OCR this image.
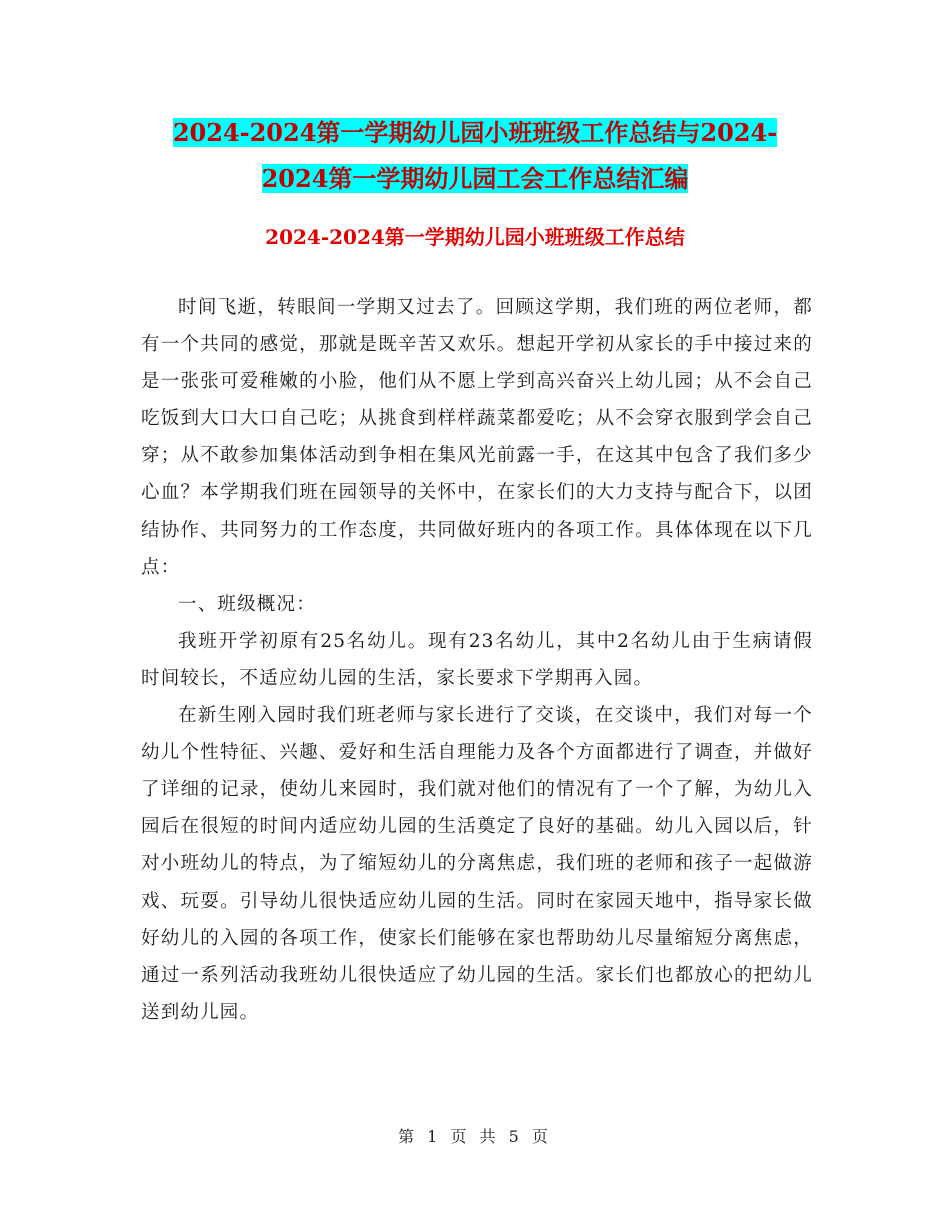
2024-2024第一学期幼儿园小班班级工作总结与2024-2024第一学期幼儿园工会工作总结汇编
2024-2024第一学期幼儿园小班班级工作总结

时间飞逝，转眼间一学期又过去了。回顾这学期，我们班的两位老师，都有一个共同的感觉，那就是既辛苦又欢乐。想起开学初从家长的手中接过来的是一张张可爱稚嫩的小脸，他们从不愿上学到高兴奋兴上幼儿园；从不会自己吃饭到大口大口自己吃；从挑食到样样蔬菜都爱吃；从不会穿衣服到学会自己穿；从不敢参加集体活动到争相在集风光前露一手，在这其中包含了我们多少心血？本学期我们班在园领导的关怀中，在家长们的大力支持与配合下，以团结协作、共同努力的工作态度，共同做好班内的各项工作。具体体现在以下几点：

一、班级概况：

我班开学初原有25名幼儿。现有23名幼儿，其中2名幼儿由于生病请假时间较长，不适应幼儿园的生活，家长要求下学期再入园。

在新生刚入园时我们班老师与家长进行了交谈，在交谈中，我们对每一个幼儿个性特征、兴趣、爱好和生活自理能力及各个方面都进行了调查，并做好了详细的记录，使幼儿来园时，我们就对他们的情况有了一个了解，为幼儿入园后在很短的时间内适应幼儿园的生活奠定了良好的基础。幼儿入园以后，针对小班幼儿的特点，为了缩短幼儿的分离焦虑，我们班的老师和孩子一起做游戏、玩耍。引导幼儿很快适应幼儿园的生活。同时在家园天地中，指导家长做好幼儿的入园的各项工作，使家长们能够在家也帮助幼儿尽量缩短分离焦虑，通过一系列活动我班幼儿很快适应了幼儿园的生活。家长们也都放心的把幼儿送到幼儿园。

第 1 页 共 5 页
